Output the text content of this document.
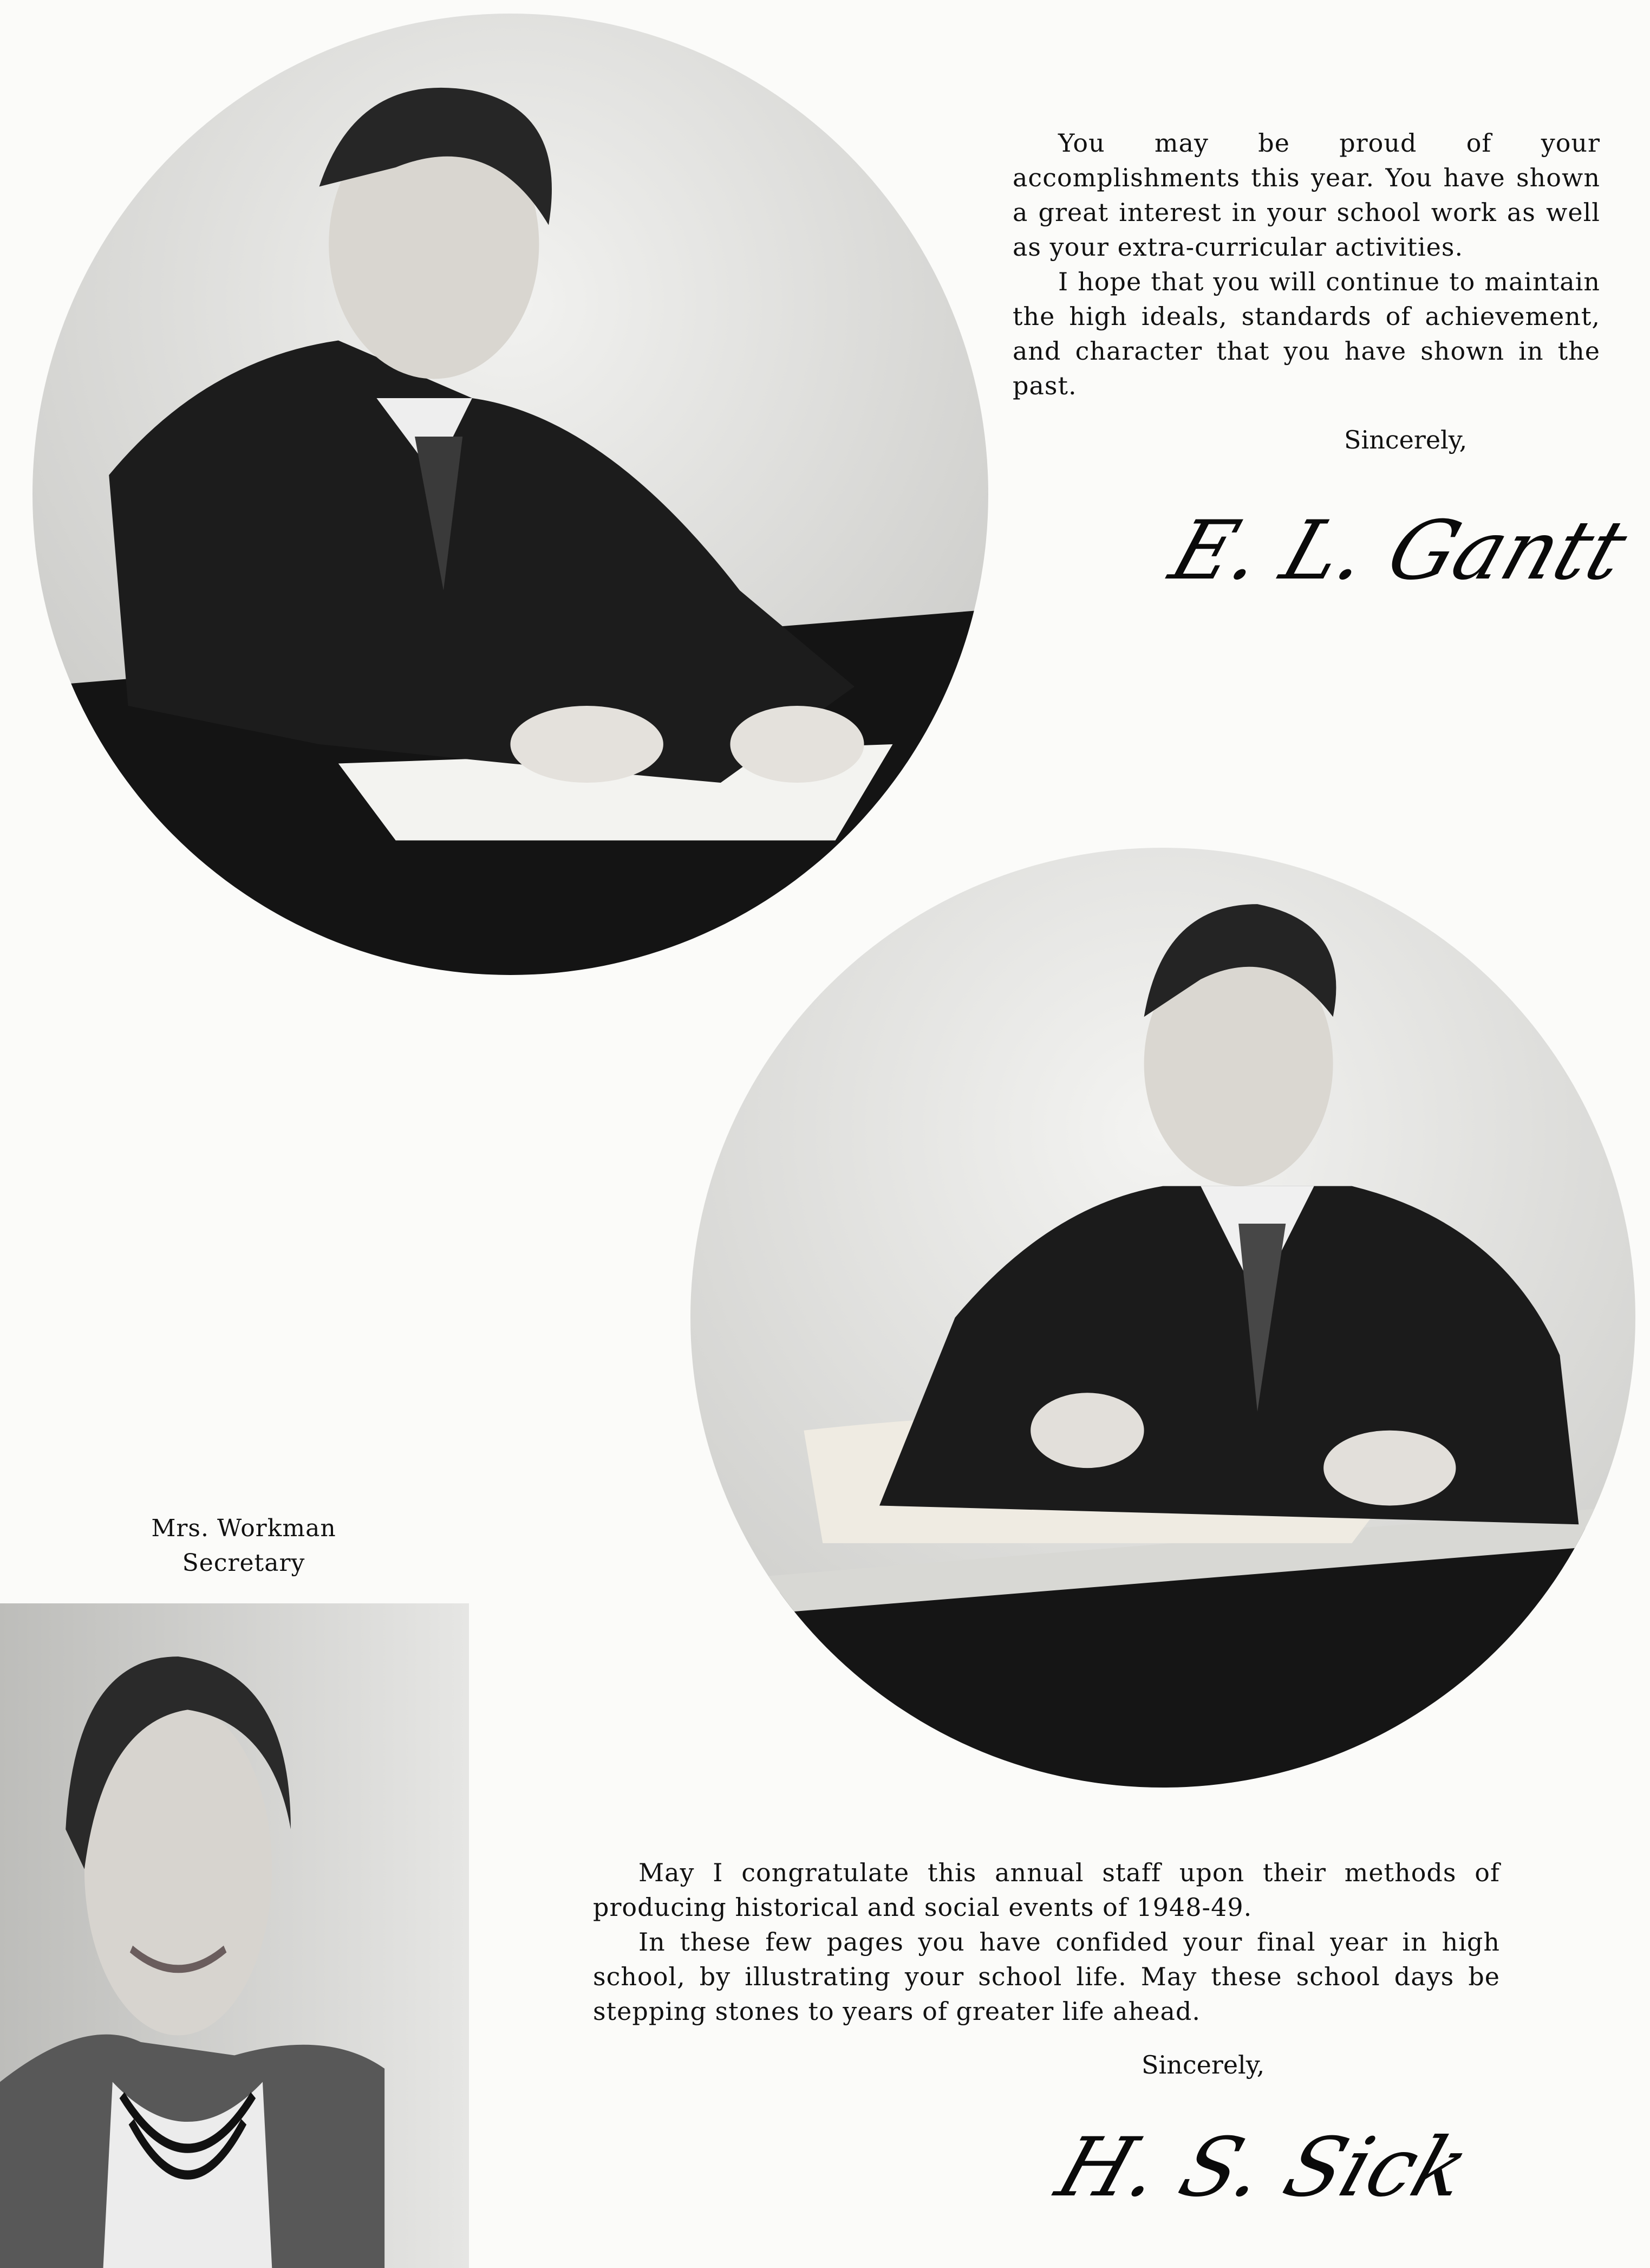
You may be proud of your accomplishments this year. You have shown a great interest in your school work as well as your extra-curricular activities.

I hope that you will continue to maintain the high ideals, standards of achievement, and character that you have shown in the past.

Sincerely,
E. L. Gantt
Mrs. Workman
Secretary

May I congratulate this annual staff upon their methods of producing historical and social events of 1948-49.

In these few pages you have confided your final year in high school, by illustrating your school life. May these school days be stepping stones to years of greater life ahead.

Sincerely,
H. S. Sick
